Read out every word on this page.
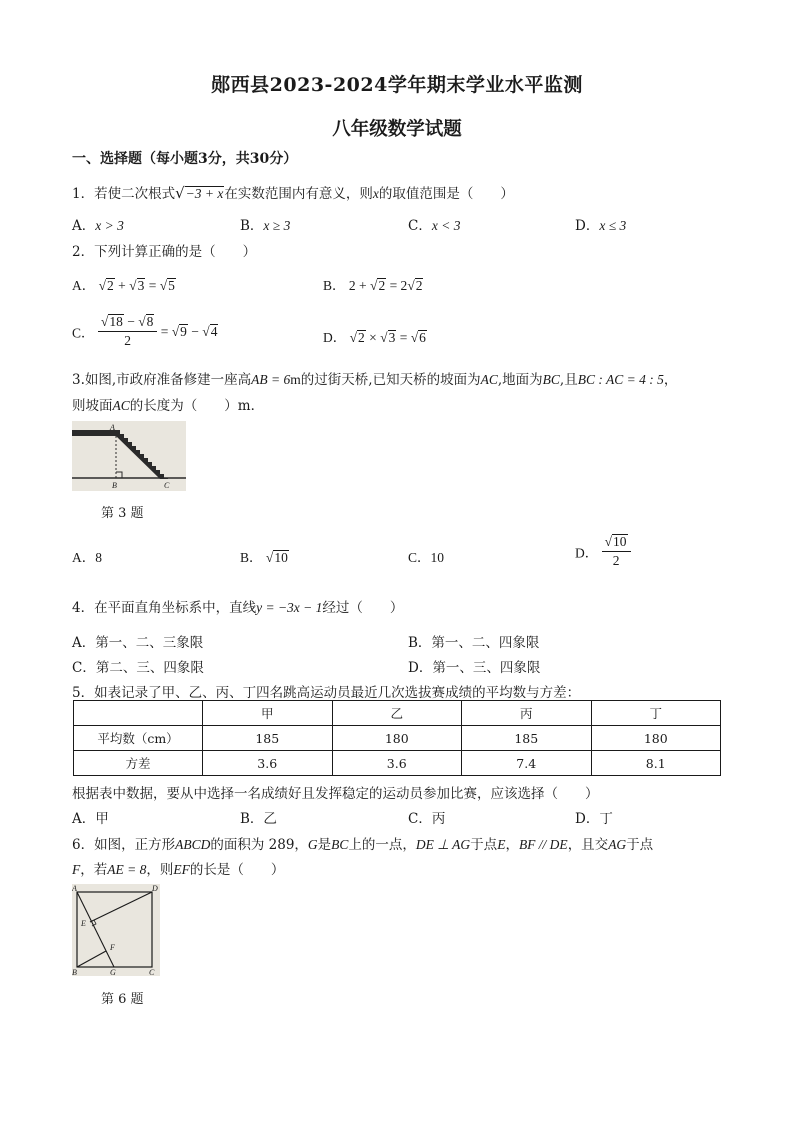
郧西县2023-2024学年期末学业水平监测
八年级数学试题
一、选择题（每小题3分，共30分）
1．若使二次根式√−3 + x在实数范围内有意义，则x的取值范围是（　　）
A．x > 3	B．x ≥ 3	C．x < 3	D．x ≤ 3
2．下列计算正确的是（　　）
A． √2 + √3 = √5	B． 2 + √2 = 2√2
C． $\frac{√18 - √8}{2} = √9 - √4$	D． √2 × √3 = √6
3.如图,市政府准备修建一座高AB = 6m的过街天桥,已知天桥的坡面为AC,地面为BC,且BC : AC = 4 : 5，
则坡面AC的长度为（　　）m．
A
B	C
第 3 题
A．8	B． √10	C．10	D． $\frac{√10}{2}$
4．在平面直角坐标系中，直线y = −3x − 1经过（　　）
A．第一、二、三象限	B．第一、二、四象限
C．第二、三、四象限	D．第一、三、四象限
5．如表记录了甲、乙、丙、丁四名跳高运动员最近几次选拔赛成绩的平均数与方差：
	甲	乙	丙	丁
平均数（cm）	185	180	185	180
方差	3.6	3.6	7.4	8.1
根据表中数据，要从中选择一名成绩好且发挥稳定的运动员参加比赛，应该选择（　　）
A．甲	B．乙	C．丙	D．丁
6．如图，正方形ABCD的面积为 289，G是BC上的一点，DE ⊥ AG于点E，BF // DE，且交AG于点
F，若AE = 8，则EF的长是（　　）
A	D
E
F
B	G	C
第 6 题
